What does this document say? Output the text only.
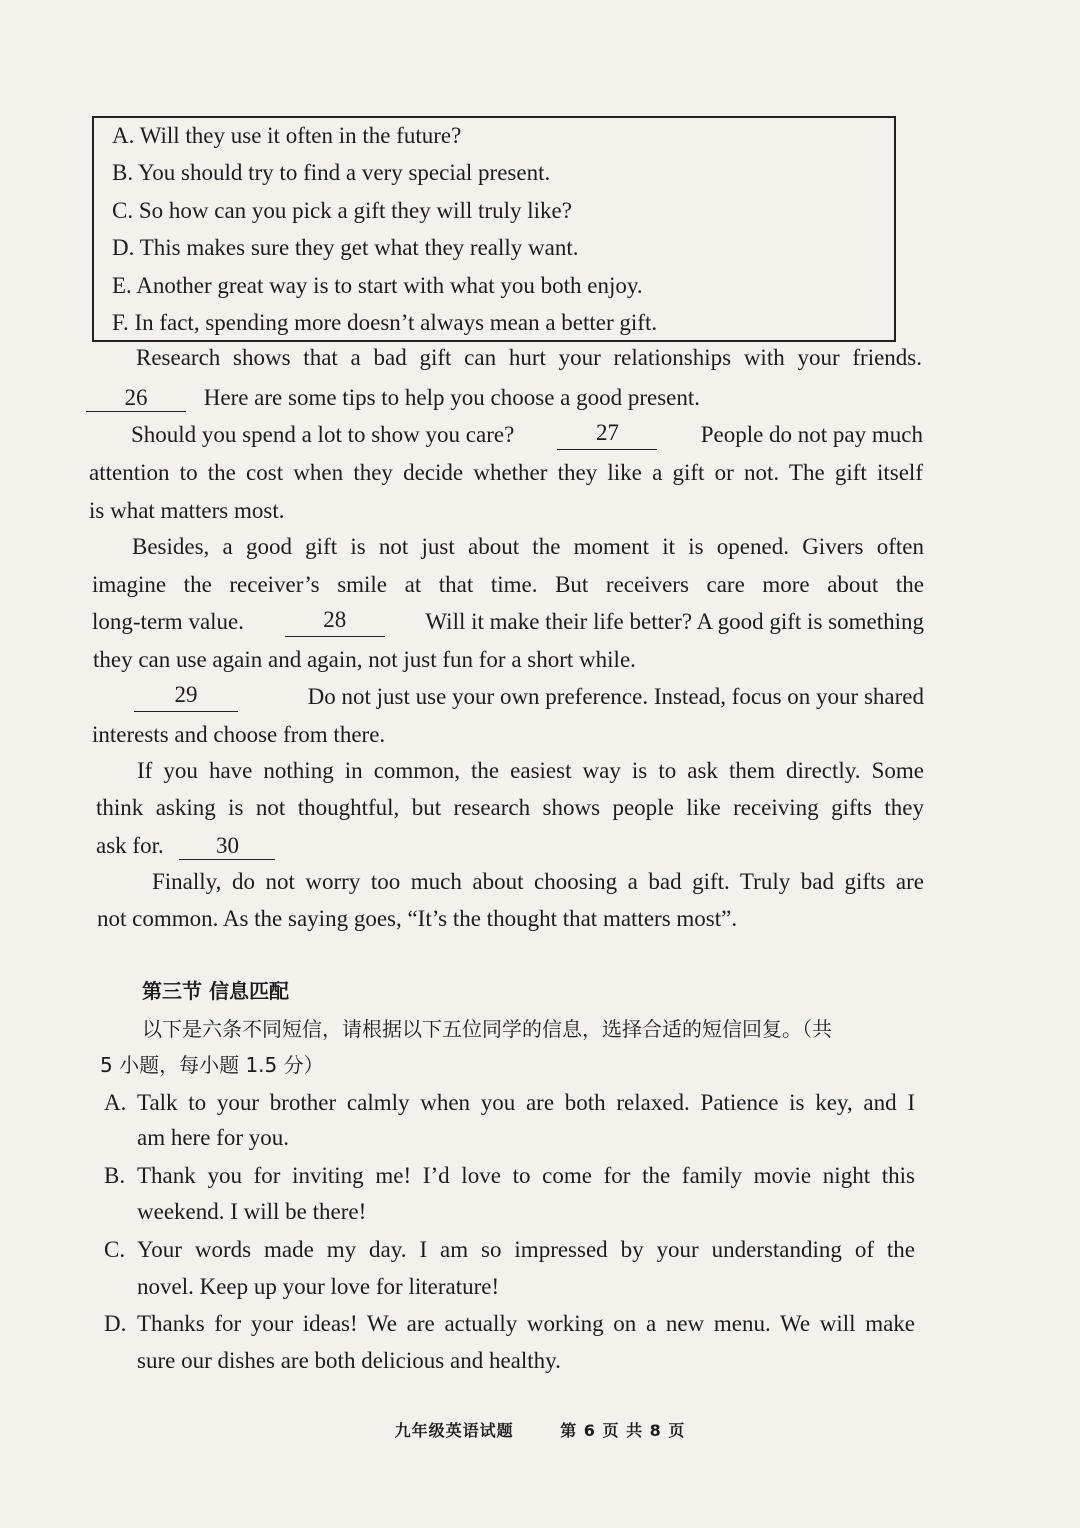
A. Will they use it often in the future?
B. You should try to find a very special present.
C. So how can you pick a gift they will truly like?
D. This makes sure they get what they really want.
E. Another great way is to start with what you both enjoy.
F. In fact, spending more doesn’t always mean a better gift.
Research shows that a bad gift can hurt your relationships with your friends.
26 Here are some tips to help you choose a good present.
Should you spend a lot to show you care?	27	People do not pay much
attention to the cost when they decide whether they like a gift or not. The gift itself
is what matters most.
Besides, a good gift is not just about the moment it is opened. Givers often
imagine the receiver’s smile at that time. But receivers care more about the
long-term value.	28	Will it make their life better? A good gift is something
they can use again and again, not just fun for a short while.
29	Do not just use your own preference. Instead, focus on your shared
interests and choose from there.
If you have nothing in common, the easiest way is to ask them directly. Some
think asking is not thoughtful, but research shows people like receiving gifts they
ask for. 30
Finally, do not worry too much about choosing a bad gift. Truly bad gifts are
not common. As the saying goes, “It’s the thought that matters most”.
第三节 信息匹配
以下是六条不同短信，请根据以下五位同学的信息，选择合适的短信回复。（共
5 小题，每小题 1.5 分）
A. Talk to your brother calmly when you are both relaxed. Patience is key, and I
am here for you.
B. Thank you for inviting me! I’d love to come for the family movie night this
weekend. I will be there!
C. Your words made my day. I am so impressed by your understanding of the
novel. Keep up your love for literature!
D. Thanks for your ideas! We are actually working on a new menu. We will make
sure our dishes are both delicious and healthy.
九年级英语试题	第 6 页 共 8 页
